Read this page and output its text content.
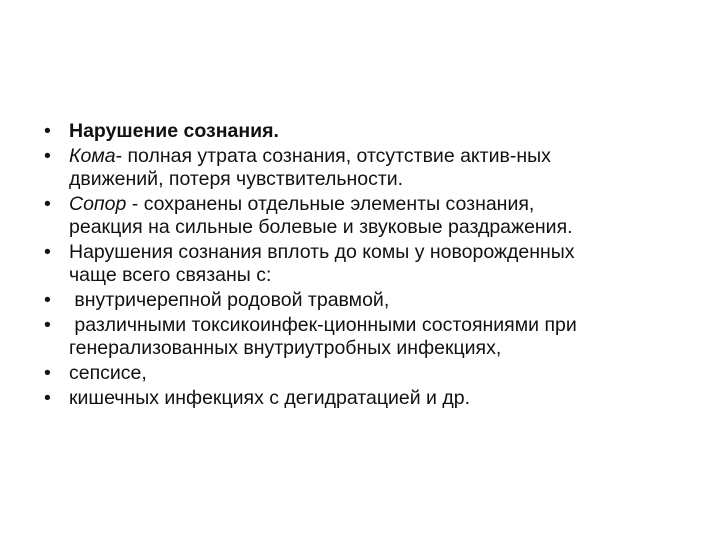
• Нарушение сознания.
• Кома- полная утрата сознания, отсутствие актив-ных
движений, потеря чувствительности.
• Сопор - сохранены отдельные элементы сознания,
реакция на сильные болевые и звуковые раздражения.
• Нарушения сознания вплоть до комы у новорожденных
чаще всего связаны с:
• внутричерепной родовой травмой,
• различными токсикоинфек-ционными состояниями при
генерализованных внутриутробных инфекциях,
• сепсисе,
• кишечных инфекциях с дегидратацией и др.
